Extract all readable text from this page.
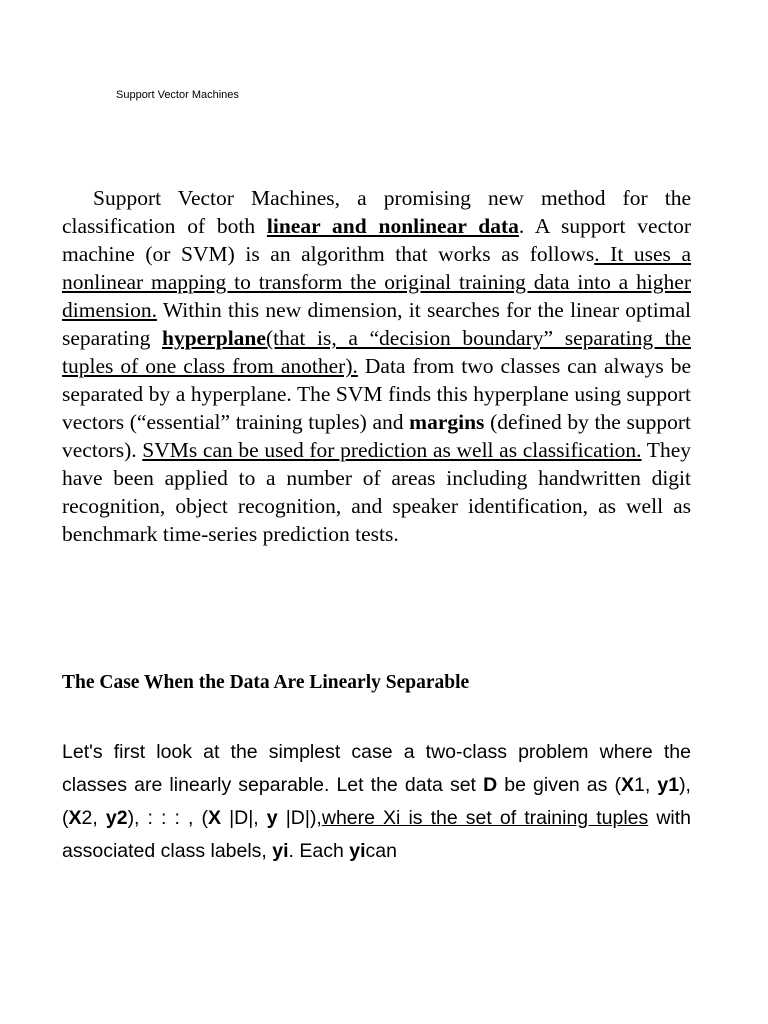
Support Vector Machines

Support Vector Machines, a promising new method for the classification of both linear and nonlinear data. A support vector machine (or SVM) is an algorithm that works as follows. It uses a nonlinear mapping to transform the original training data into a higher dimension. Within this new dimension, it searches for the linear optimal separating hyperplane(that is, a “decision boundary” separating the tuples of one class from another). Data from two classes can always be separated by a hyperplane. The SVM finds this hyperplane using support vectors (“essential” training tuples) and margins (defined by the support vectors). SVMs can be used for prediction as well as classification. They have been applied to a number of areas including handwritten digit recognition, object recognition, and speaker identification, as well as benchmark time-series prediction tests.

The Case When the Data Are Linearly Separable

Let's first look at the simplest case a two-class problem where the classes are linearly separable. Let the data set D be given as (X1, y1), (X2, y2), : : : , (X |D|, y |D|),where Xi is the set of training tuples with associated class labels, yi. Each yican
